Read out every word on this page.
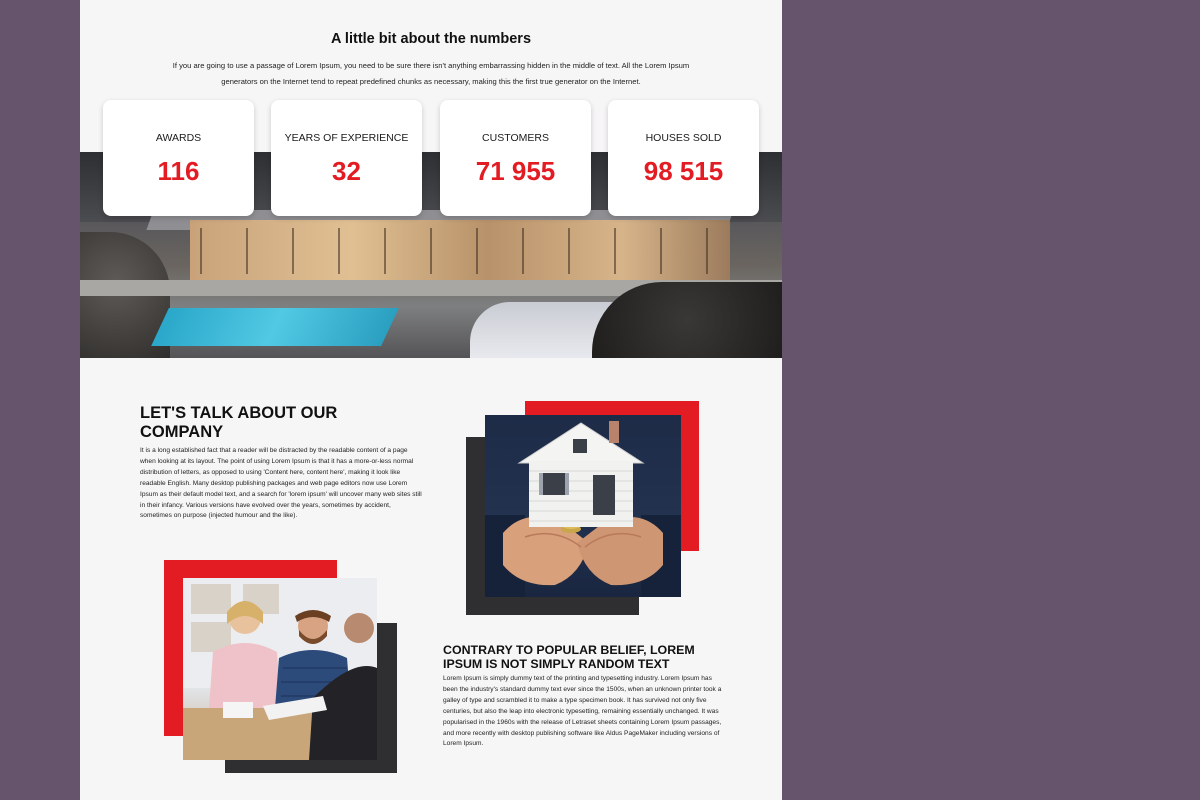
A little bit about the numbers

If you are going to use a passage of Lorem Ipsum, you need to be sure there isn't anything embarrassing hidden in the middle of text. All the Lorem Ipsum generators on the Internet tend to repeat predefined chunks as necessary, making this the first true generator on the Internet.

AWARDS
116
YEARS OF EXPERIENCE
32
CUSTOMERS
71 955
HOUSES SOLD
98 515
LET'S TALK ABOUT OUR COMPANY

It is a long established fact that a reader will be distracted by the readable content of a page when looking at its layout. The point of using Lorem Ipsum is that it has a more-or-less normal distribution of letters, as opposed to using 'Content here, content here', making it look like readable English. Many desktop publishing packages and web page editors now use Lorem Ipsum as their default model text, and a search for 'lorem ipsum' will uncover many web sites still in their infancy. Various versions have evolved over the years, sometimes by accident, sometimes on purpose (injected humour and the like).

CONTRARY TO POPULAR BELIEF, LOREM IPSUM IS NOT SIMPLY RANDOM TEXT

Lorem Ipsum is simply dummy text of the printing and typesetting industry. Lorem Ipsum has been the industry's standard dummy text ever since the 1500s, when an unknown printer took a galley of type and scrambled it to make a type specimen book. It has survived not only five centuries, but also the leap into electronic typesetting, remaining essentially unchanged. It was popularised in the 1960s with the release of Letraset sheets containing Lorem Ipsum passages, and more recently with desktop publishing software like Aldus PageMaker including versions of Lorem Ipsum.
